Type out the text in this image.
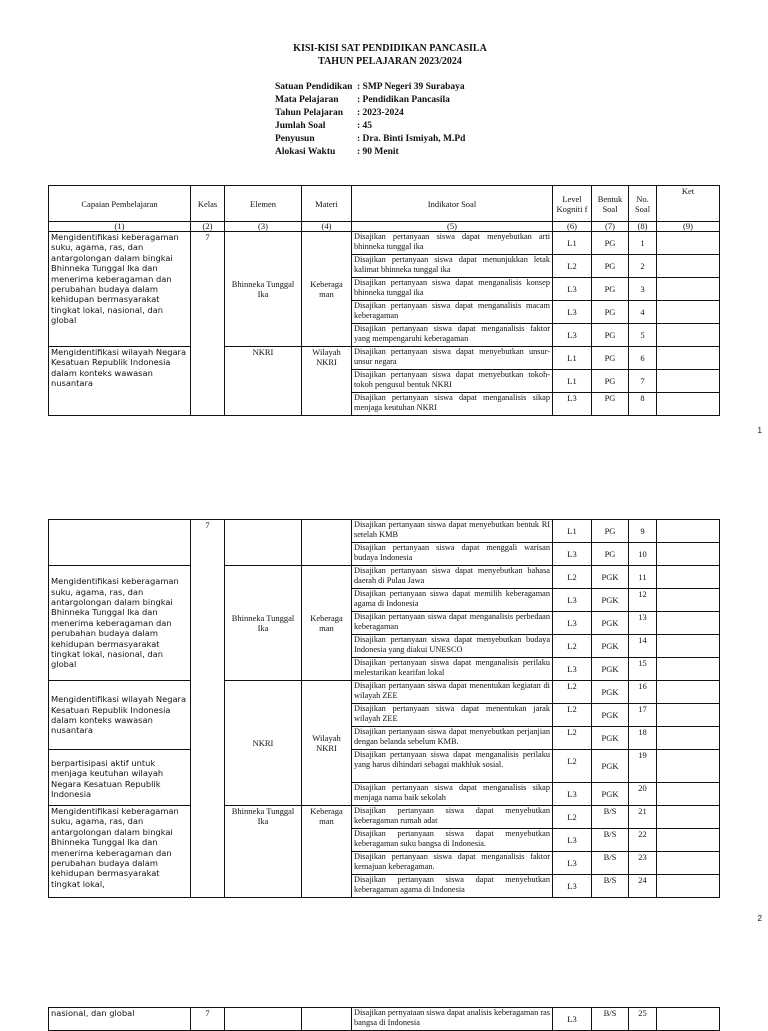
KISI-KISI SAT PENDIDIKAN PANCASILA
TAHUN PELAJARAN 2023/2024
Satuan Pendidikan : SMP Negeri 39 Surabaya
Mata Pelajaran	: Pendidikan Pancasila
Tahun Pelajaran	: 2023-2024
Jumlah Soal	: 45
Penyusun	: Dra. Binti Ismiyah, M.Pd
Alokasi Waktu	: 90 Menit
Capaian Pembelajaran	Kelas	Elemen	Materi	Indikator Soal	Level Kogniti f	Bentuk Soal	No. Soal	Ket
(1)	(2)	(3)	(4)	(5)	(6)	(7)	(8)	(9)
Mengidentifikasi keberagaman suku, agama, ras, dan antargolongan dalam bingkai Bhinneka Tunggal Ika dan menerima keberagaman dan perubahan budaya dalam kehidupan bermasyarakat tingkat lokal, nasional, dan global	7	Bhinneka Tunggal Ika	Keberaga man	Disajikan pertanyaan siswa dapat menyebutkan arti bhinneka tunggal ika	L1	PG	1	
				Disajikan pertanyaan siswa dapat menunjukkan letak kalimat bhinneka tunggal ika	L2	PG	2	
				Disajikan pertanyaan siswa dapat menganalisis konsep bhinneka tunggal ika	L3	PG	3	
				Disajikan pertanyaan siswa dapat menganalisis macam keberagaman	L3	PG	4	
				Disajikan pertanyaan siswa dapat menganalisis faktor yang mempengaruhi keberagaman	L3	PG	5	
Mengidentifikasi wilayah Negara Kesatuan Republik Indonesia dalam konteks wawasan nusantara		NKRI	Wilayah NKRI	Disajikan pertanyaan siswa dapat menyebutkan unsur-unsur negara	L1	PG	6	
				Disajikan pertanyaan siswa dapat menyebutkan tokoh-tokoh pengusul bentuk NKRI	L1	PG	7	
				Disajikan pertanyaan siswa dapat menganalisis sikap menjaga keutuhan NKRI	L3	PG	8	
1
	7			Disajikan pertanyaan siswa dapat menyebutkan bentuk RI setelah KMB	L1	PG	9	
				Disajikan pertanyaan siswa dapat menggali warisan budaya Indonesia	L3	PG	10	
Mengidentifikasi keberagaman suku, agama, ras, dan antargolongan dalam bingkai Bhinneka Tunggal Ika dan menerima keberagaman dan perubahan budaya dalam kehidupan bermasyarakat tingkat lokal, nasional, dan global		Bhinneka Tunggal Ika	Keberaga man	Disajikan pertanyaan siswa dapat menyebutkan bahasa daerah di Pulau Jawa	L2	PGK	11	
				Disajikan pertanyaan siswa dapat memilih keberagaman agama di Indonesia	L3	PGK	12	
				Disajikan pertanyaan siswa dapat menganalisis perbedaan keberagaman	L3	PGK	13	
				Disajikan pertanyaan siswa dapat menyebutkan budaya Indonesia yang diakui UNESCO	L2	PGK	14	
				Disajikan pertanyaan siswa dapat menganalisis perilaku melestarikan kearifan lokal	L3	PGK	15	
Mengidentifikasi wilayah Negara Kesatuan Republik Indonesia dalam konteks wawasan nusantara		NKRI	Wilayah NKRI	Disajikan pertanyaan siswa dapat menentukan kegiatan di wilayah ZEE	L2	PGK	16	
				Disajikan pertanyaan siswa dapat menentukan jarak wilayah ZEE	L2	PGK	17	
				Disajikan pertanyaan siswa dapat menyebutkan perjanjian dengan belanda sebelum KMB.	L2	PGK	18	
berpartisipasi aktif untuk menjaga keutuhan wilayah Negara Kesatuan Republik Indonesia				Disajikan pertanyaan siswa dapat menganalisis perilaku yang harus dihindari sebagai makhluk sosial.	L2	PGK	19	
				Disajikan pertanyaan siswa dapat menganalisis sikap menjaga nama baik sekolah	L3	PGK	20	
Mengidentifikasi keberagaman suku, agama, ras, dan antargolongan dalam bingkai Bhinneka Tunggal Ika dan menerima keberagaman dan perubahan budaya dalam kehidupan bermasyarakat tingkat lokal,		Bhinneka Tunggal Ika	Keberaga man	Disajikan pertanyaan siswa dapat menyebutkan keberagaman rumah adat	L2	B/S	21	
				Disajikan pertanyaan siswa dapat menyebutkan keberagaman suku bangsa di Indonesia.	L3	B/S	22	
				Disajikan pertanyaan siswa dapat menganalisis faktor kemajuan keberagaman.	L3	B/S	23	
				Disajikan pertanyaan siswa dapat menyebutkan keberagaman agama di Indonesia	L3	B/S	24	
2
nasional, dan global	7			Disajikan pernyataan siswa dapat analisis keberagaman ras bangsa di Indonesia	L3	B/S	25	
